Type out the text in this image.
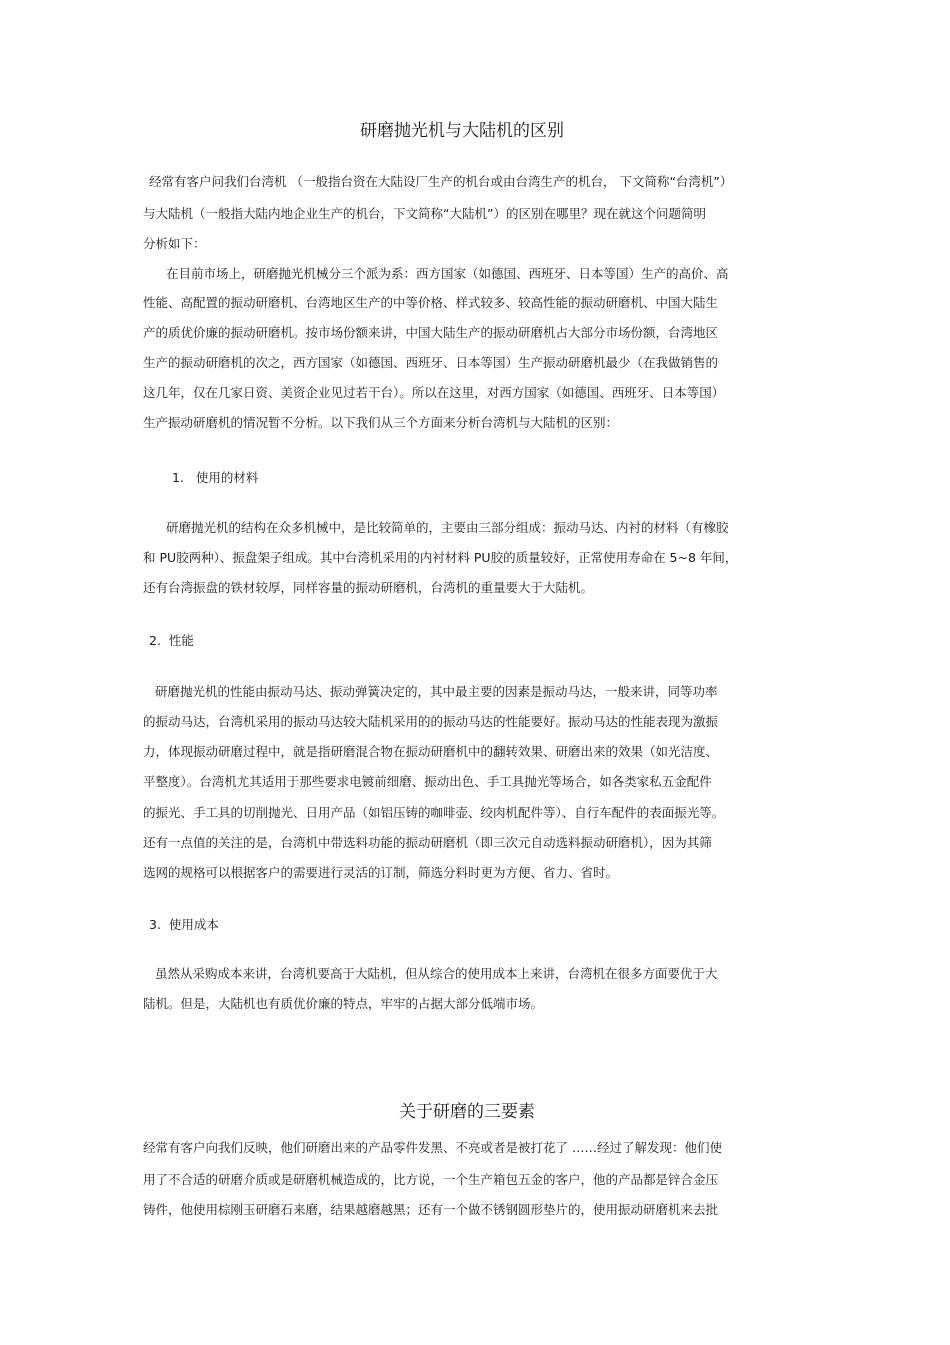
研磨抛光机与大陆机的区别
经常有客户问我们台湾机 （一般指台资在大陆设厂生产的机台或由台湾生产的机台， 下文简称“台湾机”）
与大陆机（一般指大陆内地企业生产的机台，下文简称“大陆机”）的区别在哪里？现在就这个问题简明
分析如下：
在目前市场上，研磨抛光机械分三个派为系：西方国家（如德国、西班牙、日本等国）生产的高价、高
性能、高配置的振动研磨机、台湾地区生产的中等价格、样式较多、较高性能的振动研磨机、中国大陆生
产的质优价廉的振动研磨机。按市场份额来讲，中国大陆生产的振动研磨机占大部分市场份额，台湾地区
生产的振动研磨机的次之，西方国家（如德国、西班牙、日本等国）生产振动研磨机最少（在我做销售的
这几年，仅在几家日资、美资企业见过若干台）。所以在这里，对西方国家（如德国、西班牙、日本等国）
生产振动研磨机的情况暂不分析。以下我们从三个方面来分析台湾机与大陆机的区别：
1.   使用的材料
研磨抛光机的结构在众多机械中，是比较简单的，主要由三部分组成：振动马达、内衬的材料（有橡胶
和 PU胶两种）、振盘架子组成。其中台湾机采用的内衬材料 PU胶的质量较好，正常使用寿命在 5~8 年间，
还有台湾振盘的铁材较厚，同样容量的振动研磨机，台湾机的重量要大于大陆机。
2.  性能
研磨抛光机的性能由振动马达、振动弹簧决定的，其中最主要的因素是振动马达，一般来讲，同等功率
的振动马达，台湾机采用的振动马达较大陆机采用的的振动马达的性能要好。振动马达的性能表现为激振
力，体现振动研磨过程中，就是指研磨混合物在振动研磨机中的翻转效果、研磨出来的效果（如光洁度、
平整度）。台湾机尤其适用于那些要求电镀前细磨、振动出色、手工具抛光等场合，如各类家私五金配件
的振光、手工具的切削抛光、日用产品（如铝压铸的咖啡壶、绞肉机配件等）、自行车配件的表面振光等。
还有一点值的关注的是，台湾机中带选料功能的振动研磨机（即三次元自动选料振动研磨机），因为其筛
选网的规格可以根据客户的需要进行灵活的订制，筛选分料时更为方便、省力、省时。
3.  使用成本
虽然从采购成本来讲，台湾机要高于大陆机，但从综合的使用成本上来讲，台湾机在很多方面要优于大
陆机。但是，大陆机也有质优价廉的特点，牢牢的占据大部分低端市场。
关于研磨的三要素
经常有客户向我们反映，他们研磨出来的产品零件发黑、不亮或者是被打花了 ……经过了解发现：他们使
用了不合适的研磨介质或是研磨机械造成的，比方说，一个生产箱包五金的客户，他的产品都是锌合金压
铸件，他使用棕刚玉研磨石来磨，结果越磨越黑；还有一个做不锈钢圆形垫片的，使用振动研磨机来去批
